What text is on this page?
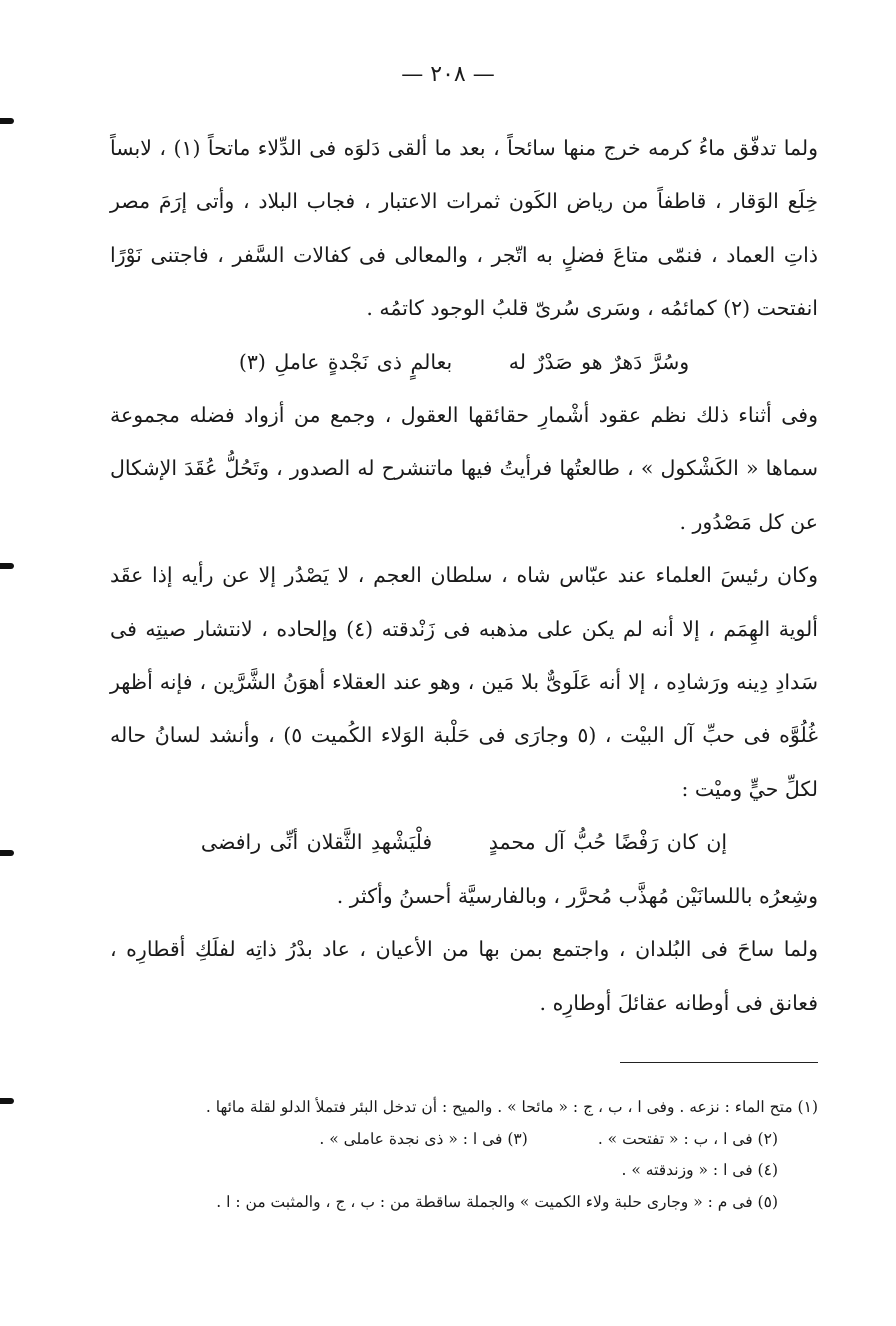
— ٢٠٨ —

ولما تدفّق ماءُ كرمه خرج منها سائحاً ، بعد ما ألقى دَلوَه فى الدِّلاء ماتحاً (١) ، لابساً خِلَع الوَقار ، قاطفاً من رياض الكَون ثمرات الاعتبار ، فجاب البلاد ، وأتى إرَمَ مصر ذاتِ العماد ، فنمّى متاعَ فضلٍ به اتّجر ، والمعالى فى كفالات السَّفر ، فاجتنى نَوْرًا انفتحت (٢) كمائمُه ، وسَرى سُرىّ قلبُ الوجود كاتمُه .

وسُرَّ دَهرٌ هو صَدْرٌ له بعالمٍ ذى نَجْدةٍ عاملِ (٣)

وفى أثناء ذلك نظم عقود أشْمارِ حقائقها العقول ، وجمع من أزواد فضله مجموعة سماها « الكَشْكول » ، طالعتُها فرأيتُ فيها ماتنشرح له الصدور ، وتَحُلُّ عُقَدَ الإشكال عن كل مَصْدُور .

وكان رئيسَ العلماء عند عبّاس شاه ، سلطان العجم ، لا يَصْدُر إلا عن رأيه إذا عقَد ألوية الهِمَم ، إلا أنه لم يكن على مذهبه فى زَنْدقته (٤) وإلحاده ، لانتشار صيتِه فى سَدادِ دِينه ورَشادِه ، إلا أنه عَلَوىٌّ بلا مَين ، وهو عند العقلاء أهوَنُ الشَّرَّين ، فإنه أظهر غُلُوَّه فى حبِّ آل البيْت ، (٥ وجارَى فى حَلْبة الوَلاء الكُميت ٥) ، وأنشد لسانُ حاله لكلِّ حيٍّ وميْت :

إن كان رَفْضًا حُبُّ آل محمدٍ فلْيَشْهدِ الثَّقلان أنِّى رافضى

وشِعرُه باللسانَيْن مُهذَّب مُحرَّر ، وبالفارسيَّة أحسنُ وأكثر .

ولما ساحَ فى البُلدان ، واجتمع بمن بها من الأعيان ، عاد بدْرُ ذاتِه لفلَكِ أقطارِه ، فعانق فى أوطانه عقائلَ أوطارِه .

(١) متح الماء : نزعه . وفى ا ، ب ، ج : « مائحا » . والميح : أن تدخل البئر فتملأ الدلو لقلة مائها .

(٢) فى ا ، ب : « تفتحت » .
(٣) فى ا : « ذى نجدة عاملى » .

(٤) فى ا : « وزندقته » .

(٥) فى م : « وجارى حلبة ولاء الكميت » والجملة ساقطة من : ب ، ج ، والمثبت من : ا .
